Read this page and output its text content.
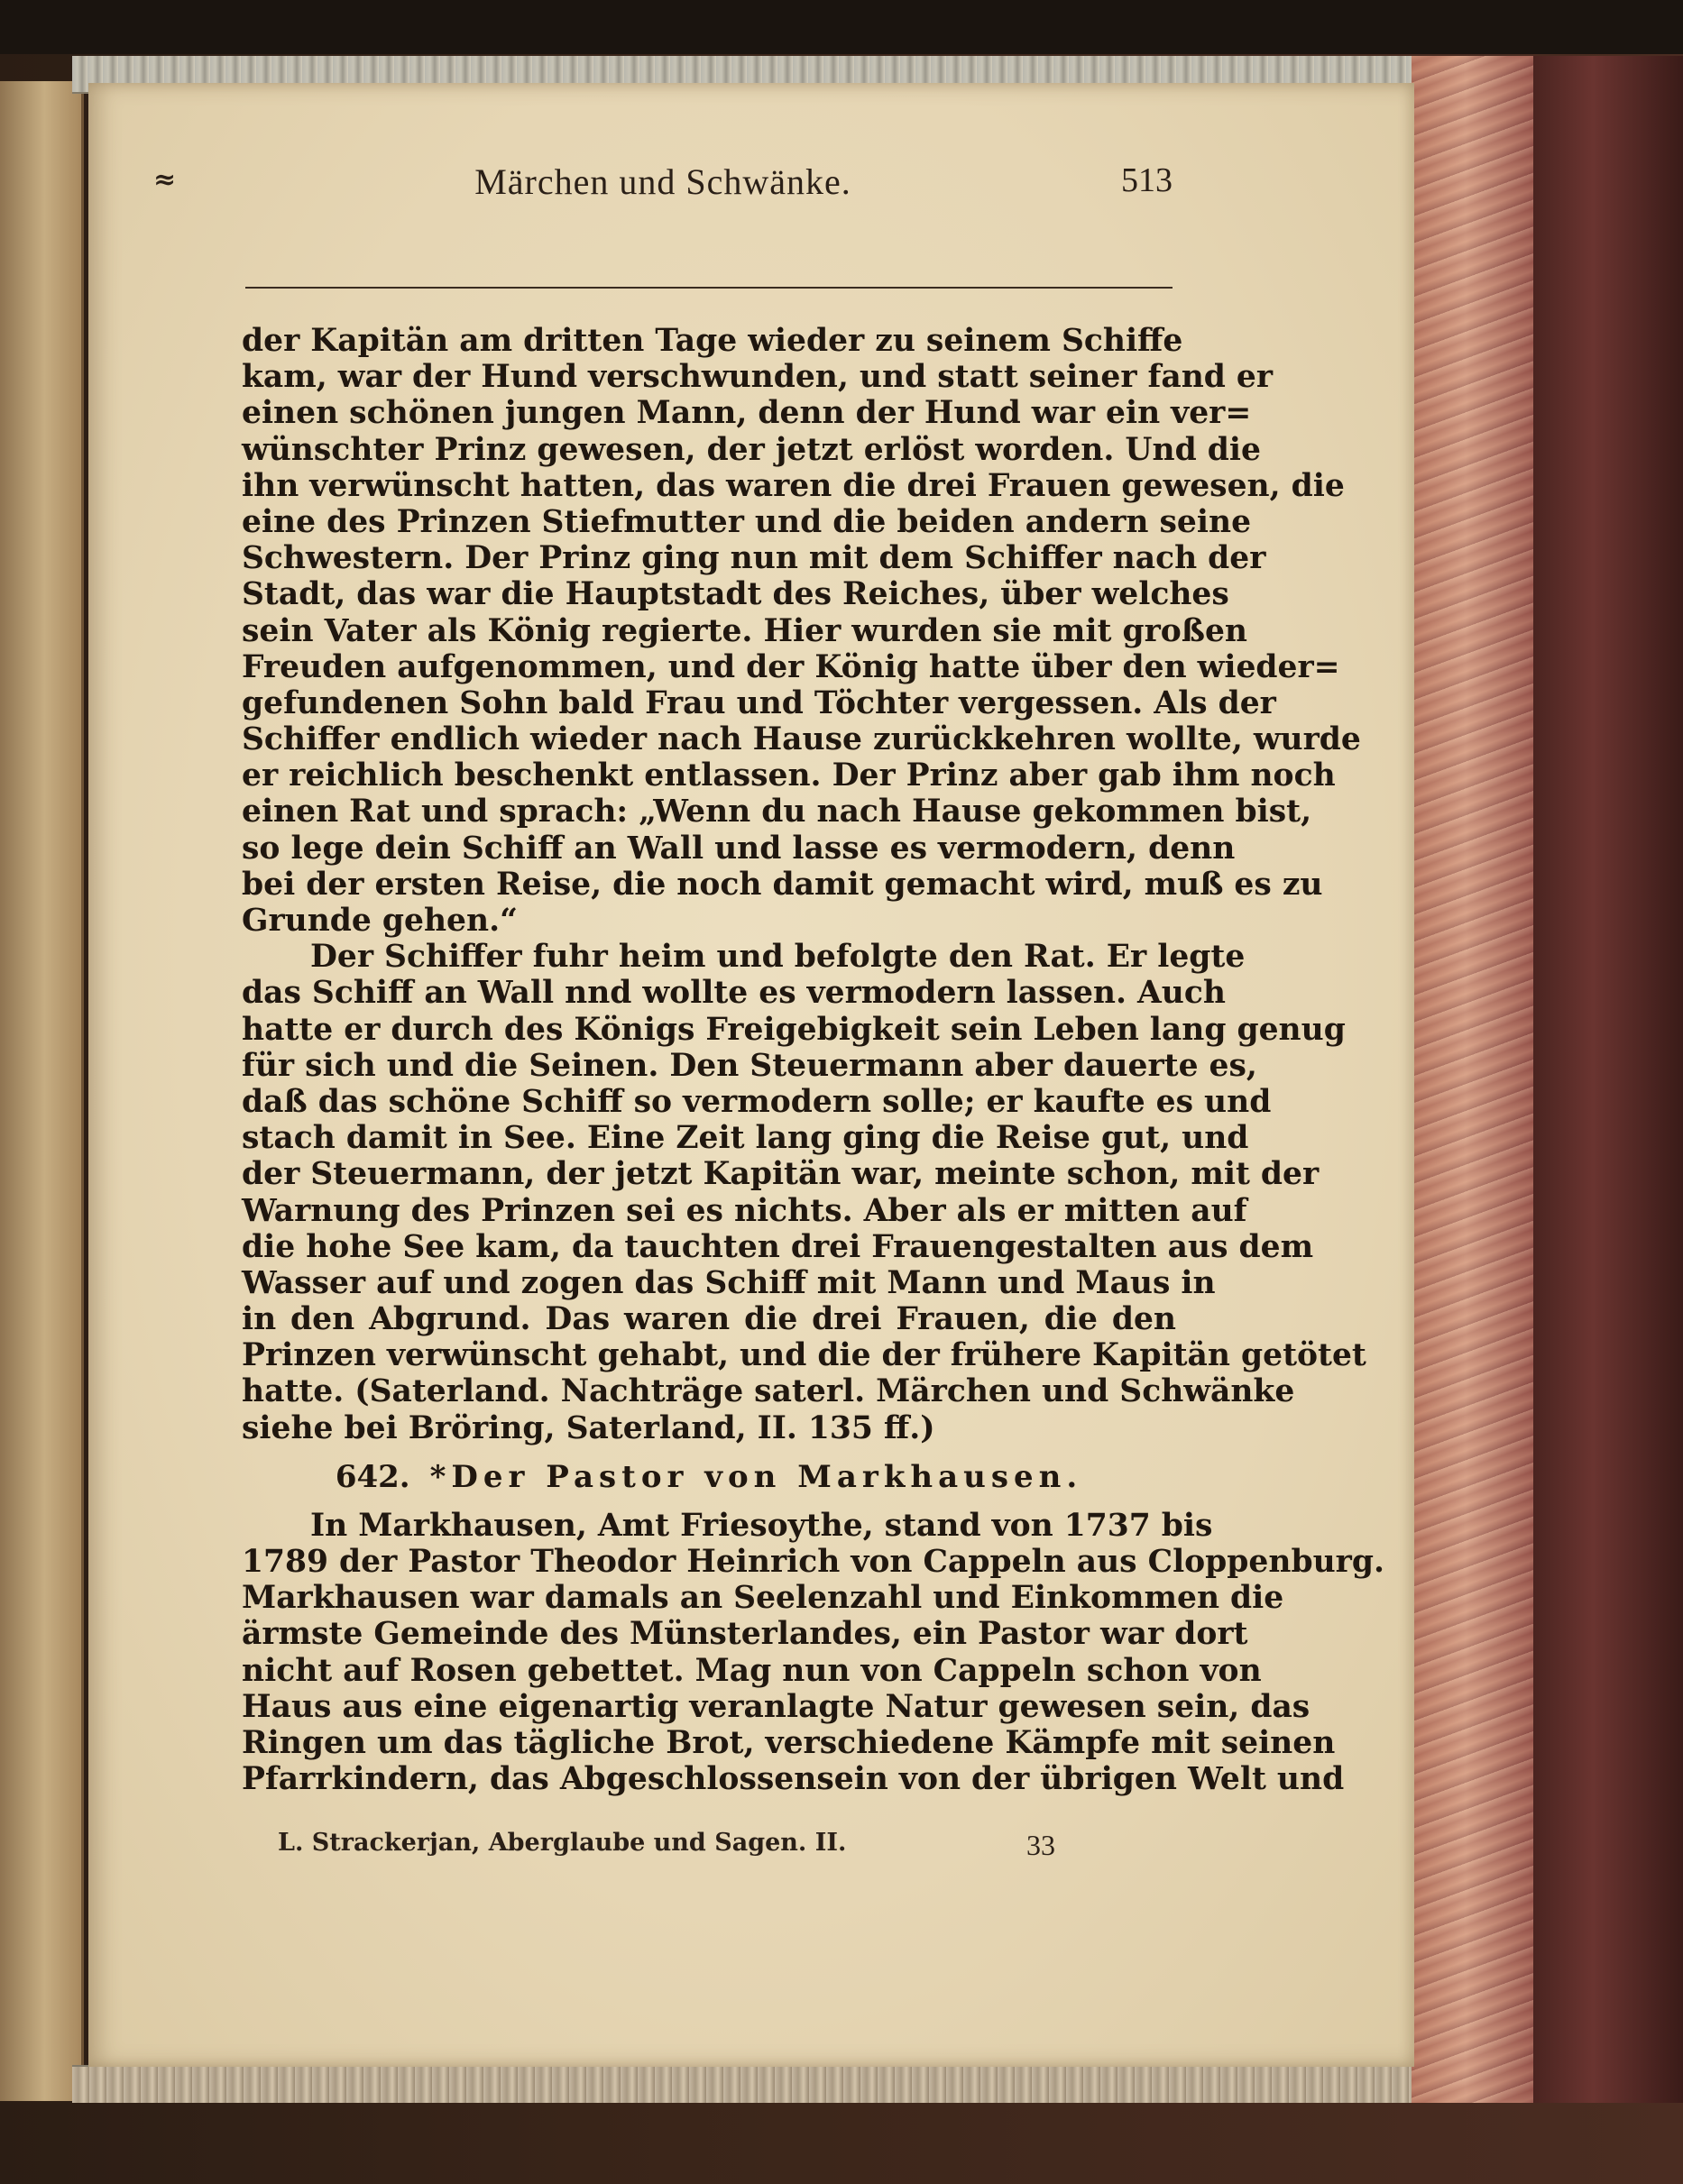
≈	Märchen und Schwänke.	513
der Kapitän am dritten Tage wieder zu seinem Schiffe
kam, war der Hund verschwunden, und statt seiner fand er
einen schönen jungen Mann, denn der Hund war ein ver=
wünschter Prinz gewesen, der jetzt erlöst worden. Und die
ihn verwünscht hatten, das waren die drei Frauen gewesen, die
eine des Prinzen Stiefmutter und die beiden andern seine
Schwestern. Der Prinz ging nun mit dem Schiffer nach der
Stadt, das war die Hauptstadt des Reiches, über welches
sein Vater als König regierte. Hier wurden sie mit großen
Freuden aufgenommen, und der König hatte über den wieder=
gefundenen Sohn bald Frau und Töchter vergessen. Als der
Schiffer endlich wieder nach Hause zurückkehren wollte, wurde
er reichlich beschenkt entlassen. Der Prinz aber gab ihm noch
einen Rat und sprach: „Wenn du nach Hause gekommen bist,
so lege dein Schiff an Wall und lasse es vermodern, denn
bei der ersten Reise, die noch damit gemacht wird, muß es zu
Grunde gehen.“
Der Schiffer fuhr heim und befolgte den Rat. Er legte
das Schiff an Wall nnd wollte es vermodern lassen. Auch
hatte er durch des Königs Freigebigkeit sein Leben lang genug
für sich und die Seinen. Den Steuermann aber dauerte es,
daß das schöne Schiff so vermodern solle; er kaufte es und
stach damit in See. Eine Zeit lang ging die Reise gut, und
der Steuermann, der jetzt Kapitän war, meinte schon, mit der
Warnung des Prinzen sei es nichts. Aber als er mitten auf
die hohe See kam, da tauchten drei Frauengestalten aus dem
Wasser auf und zogen das Schiff mit Mann und Maus in
in den Abgrund. Das waren die drei Frauen, die den
Prinzen verwünscht gehabt, und die der frühere Kapitän getötet
hatte. (Saterland. Nachträge saterl. Märchen und Schwänke
siehe bei Bröring, Saterland, II. 135 ff.)
642. *Der Pastor von Markhausen.
In Markhausen, Amt Friesoythe, stand von 1737 bis
1789 der Pastor Theodor Heinrich von Cappeln aus Cloppenburg.
Markhausen war damals an Seelenzahl und Einkommen die
ärmste Gemeinde des Münsterlandes, ein Pastor war dort
nicht auf Rosen gebettet. Mag nun von Cappeln schon von
Haus aus eine eigenartig veranlagte Natur gewesen sein, das
Ringen um das tägliche Brot, verschiedene Kämpfe mit seinen
Pfarrkindern, das Abgeschlossensein von der übrigen Welt und
L. Strackerjan, Aberglaube und Sagen. II.	33
